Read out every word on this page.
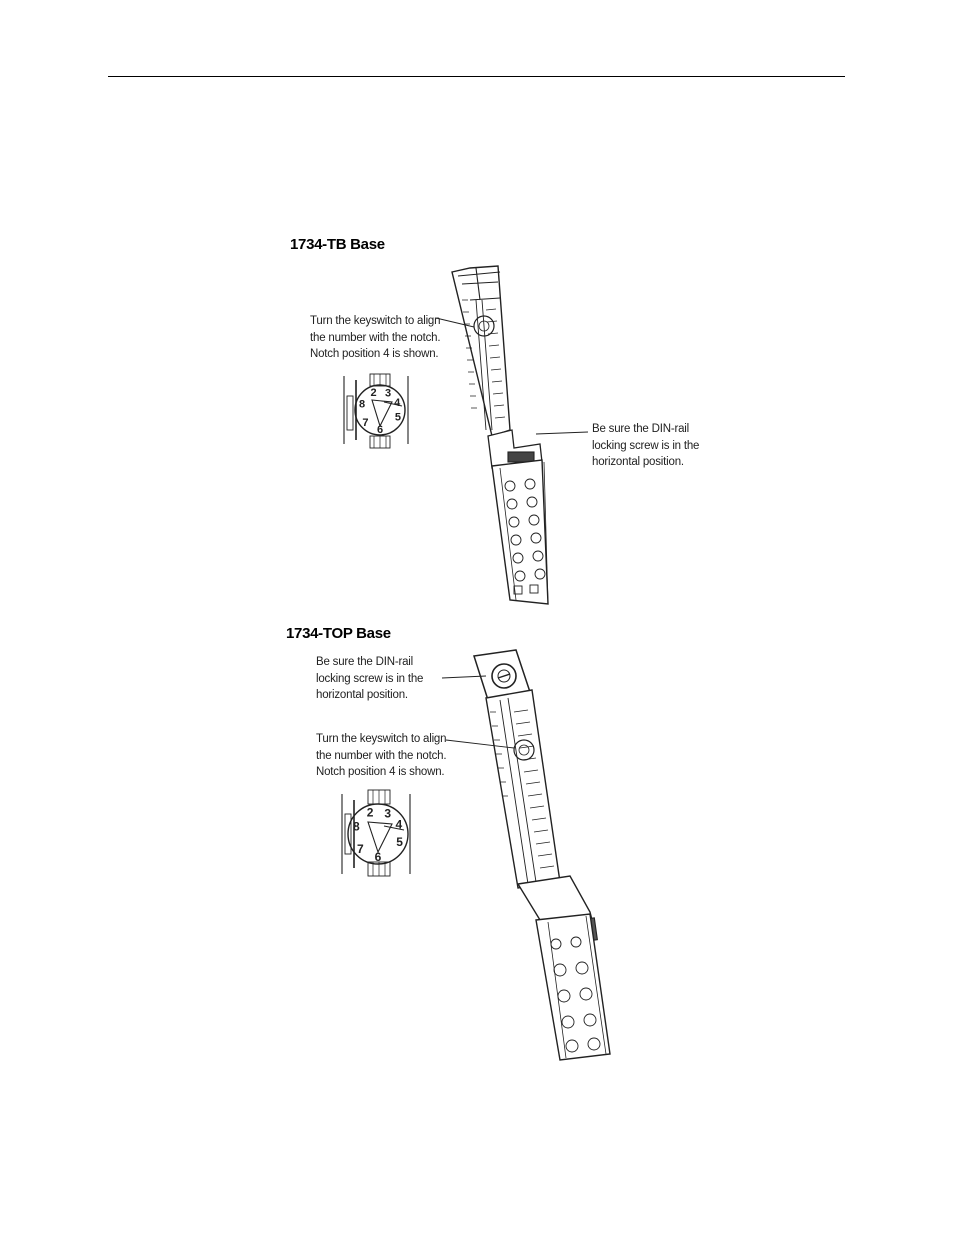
1734-TB Base
Turn the keyswitch to align
the number with the notch.
Notch position 4 is shown.
Be sure the DIN-rail
locking screw is in the
horizontal position.
1734-TOP Base
Be sure the DIN-rail
locking screw is in the
horizontal position.
Turn the keyswitch to align
the number with the notch.
Notch position 4 is shown.
2 3
4
5
6
7
8
2 3
4
5
6
7
8
